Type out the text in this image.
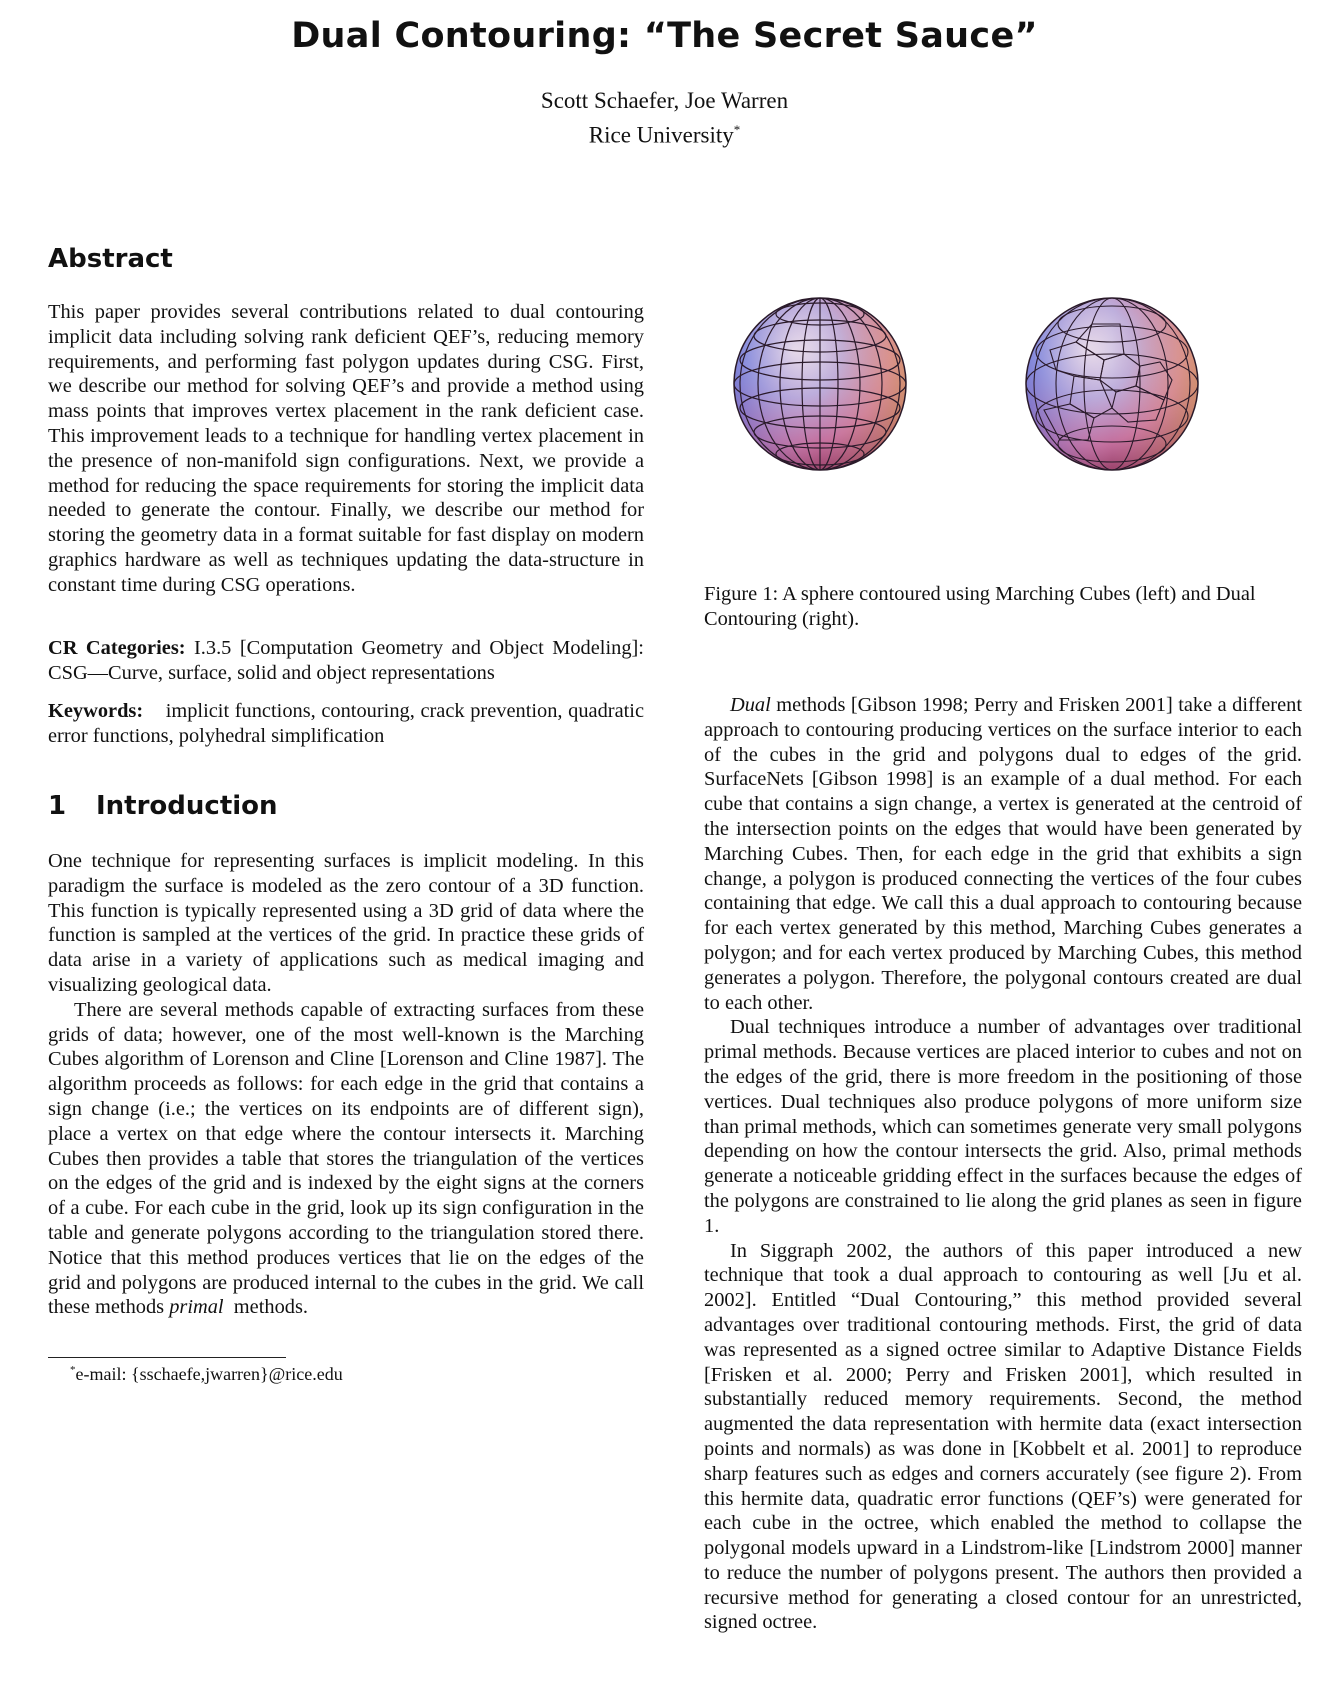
Dual Contouring: “The Secret Sauce”
Scott Schaefer, Joe Warren
Rice University*
Abstract

This paper provides several contributions related to dual contouring implicit data including solving rank deficient QEF’s, reducing memory requirements, and performing fast polygon updates during CSG. First, we describe our method for solving QEF’s and provide a method using mass points that improves vertex placement in the rank deficient case. This improvement leads to a technique for handling vertex placement in the presence of non-manifold sign configurations. Next, we provide a method for reducing the space requirements for storing the implicit data needed to generate the contour. Finally, we describe our method for storing the geometry data in a format suitable for fast display on modern graphics hardware as well as techniques updating the data-structure in constant time during CSG operations.

CR Categories: I.3.5 [Computation Geometry and Object Modeling]: CSG—Curve, surface, solid and object representations

Keywords: implicit functions, contouring, crack prevention, quadratic error functions, polyhedral simplification

1 Introduction

One technique for representing surfaces is implicit modeling. In this paradigm the surface is modeled as the zero contour of a 3D function. This function is typically represented using a 3D grid of data where the function is sampled at the vertices of the grid. In practice these grids of data arise in a variety of applications such as medical imaging and visualizing geological data.

There are several methods capable of extracting surfaces from these grids of data; however, one of the most well-known is the Marching Cubes algorithm of Lorenson and Cline [Lorenson and Cline 1987]. The algorithm proceeds as follows: for each edge in the grid that contains a sign change (i.e.; the vertices on its endpoints are of different sign), place a vertex on that edge where the contour intersects it. Marching Cubes then provides a table that stores the triangulation of the vertices on the edges of the grid and is indexed by the eight signs at the corners of a cube. For each cube in the grid, look up its sign configuration in the table and generate polygons according to the triangulation stored there. Notice that this method produces vertices that lie on the edges of the grid and polygons are produced internal to the cubes in the grid. We call these methods primal methods.

*e-mail: {sschaefe,jwarren}@rice.edu

Figure 1: A sphere contoured using Marching Cubes (left) and Dual Contouring (right).

Dual methods [Gibson 1998; Perry and Frisken 2001] take a different approach to contouring producing vertices on the surface interior to each of the cubes in the grid and polygons dual to edges of the grid. SurfaceNets [Gibson 1998] is an example of a dual method. For each cube that contains a sign change, a vertex is generated at the centroid of the intersection points on the edges that would have been generated by Marching Cubes. Then, for each edge in the grid that exhibits a sign change, a polygon is produced connecting the vertices of the four cubes containing that edge. We call this a dual approach to contouring because for each vertex generated by this method, Marching Cubes generates a polygon; and for each vertex produced by Marching Cubes, this method generates a polygon. Therefore, the polygonal contours created are dual to each other.

Dual techniques introduce a number of advantages over traditional primal methods. Because vertices are placed interior to cubes and not on the edges of the grid, there is more freedom in the positioning of those vertices. Dual techniques also produce polygons of more uniform size than primal methods, which can sometimes generate very small polygons depending on how the contour intersects the grid. Also, primal methods generate a noticeable gridding effect in the surfaces because the edges of the polygons are constrained to lie along the grid planes as seen in figure 1.

In Siggraph 2002, the authors of this paper introduced a new technique that took a dual approach to contouring as well [Ju et al. 2002]. Entitled “Dual Contouring,” this method provided several advantages over traditional contouring methods. First, the grid of data was represented as a signed octree similar to Adaptive Distance Fields [Frisken et al. 2000; Perry and Frisken 2001], which resulted in substantially reduced memory requirements. Second, the method augmented the data representation with hermite data (exact intersection points and normals) as was done in [Kobbelt et al. 2001] to reproduce sharp features such as edges and corners accurately (see figure 2). From this hermite data, quadratic error functions (QEF’s) were generated for each cube in the octree, which enabled the method to collapse the polygonal models upward in a Lindstrom-like [Lindstrom 2000] manner to reduce the number of polygons present. The authors then provided a recursive method for generating a closed contour for an unrestricted, signed octree.
